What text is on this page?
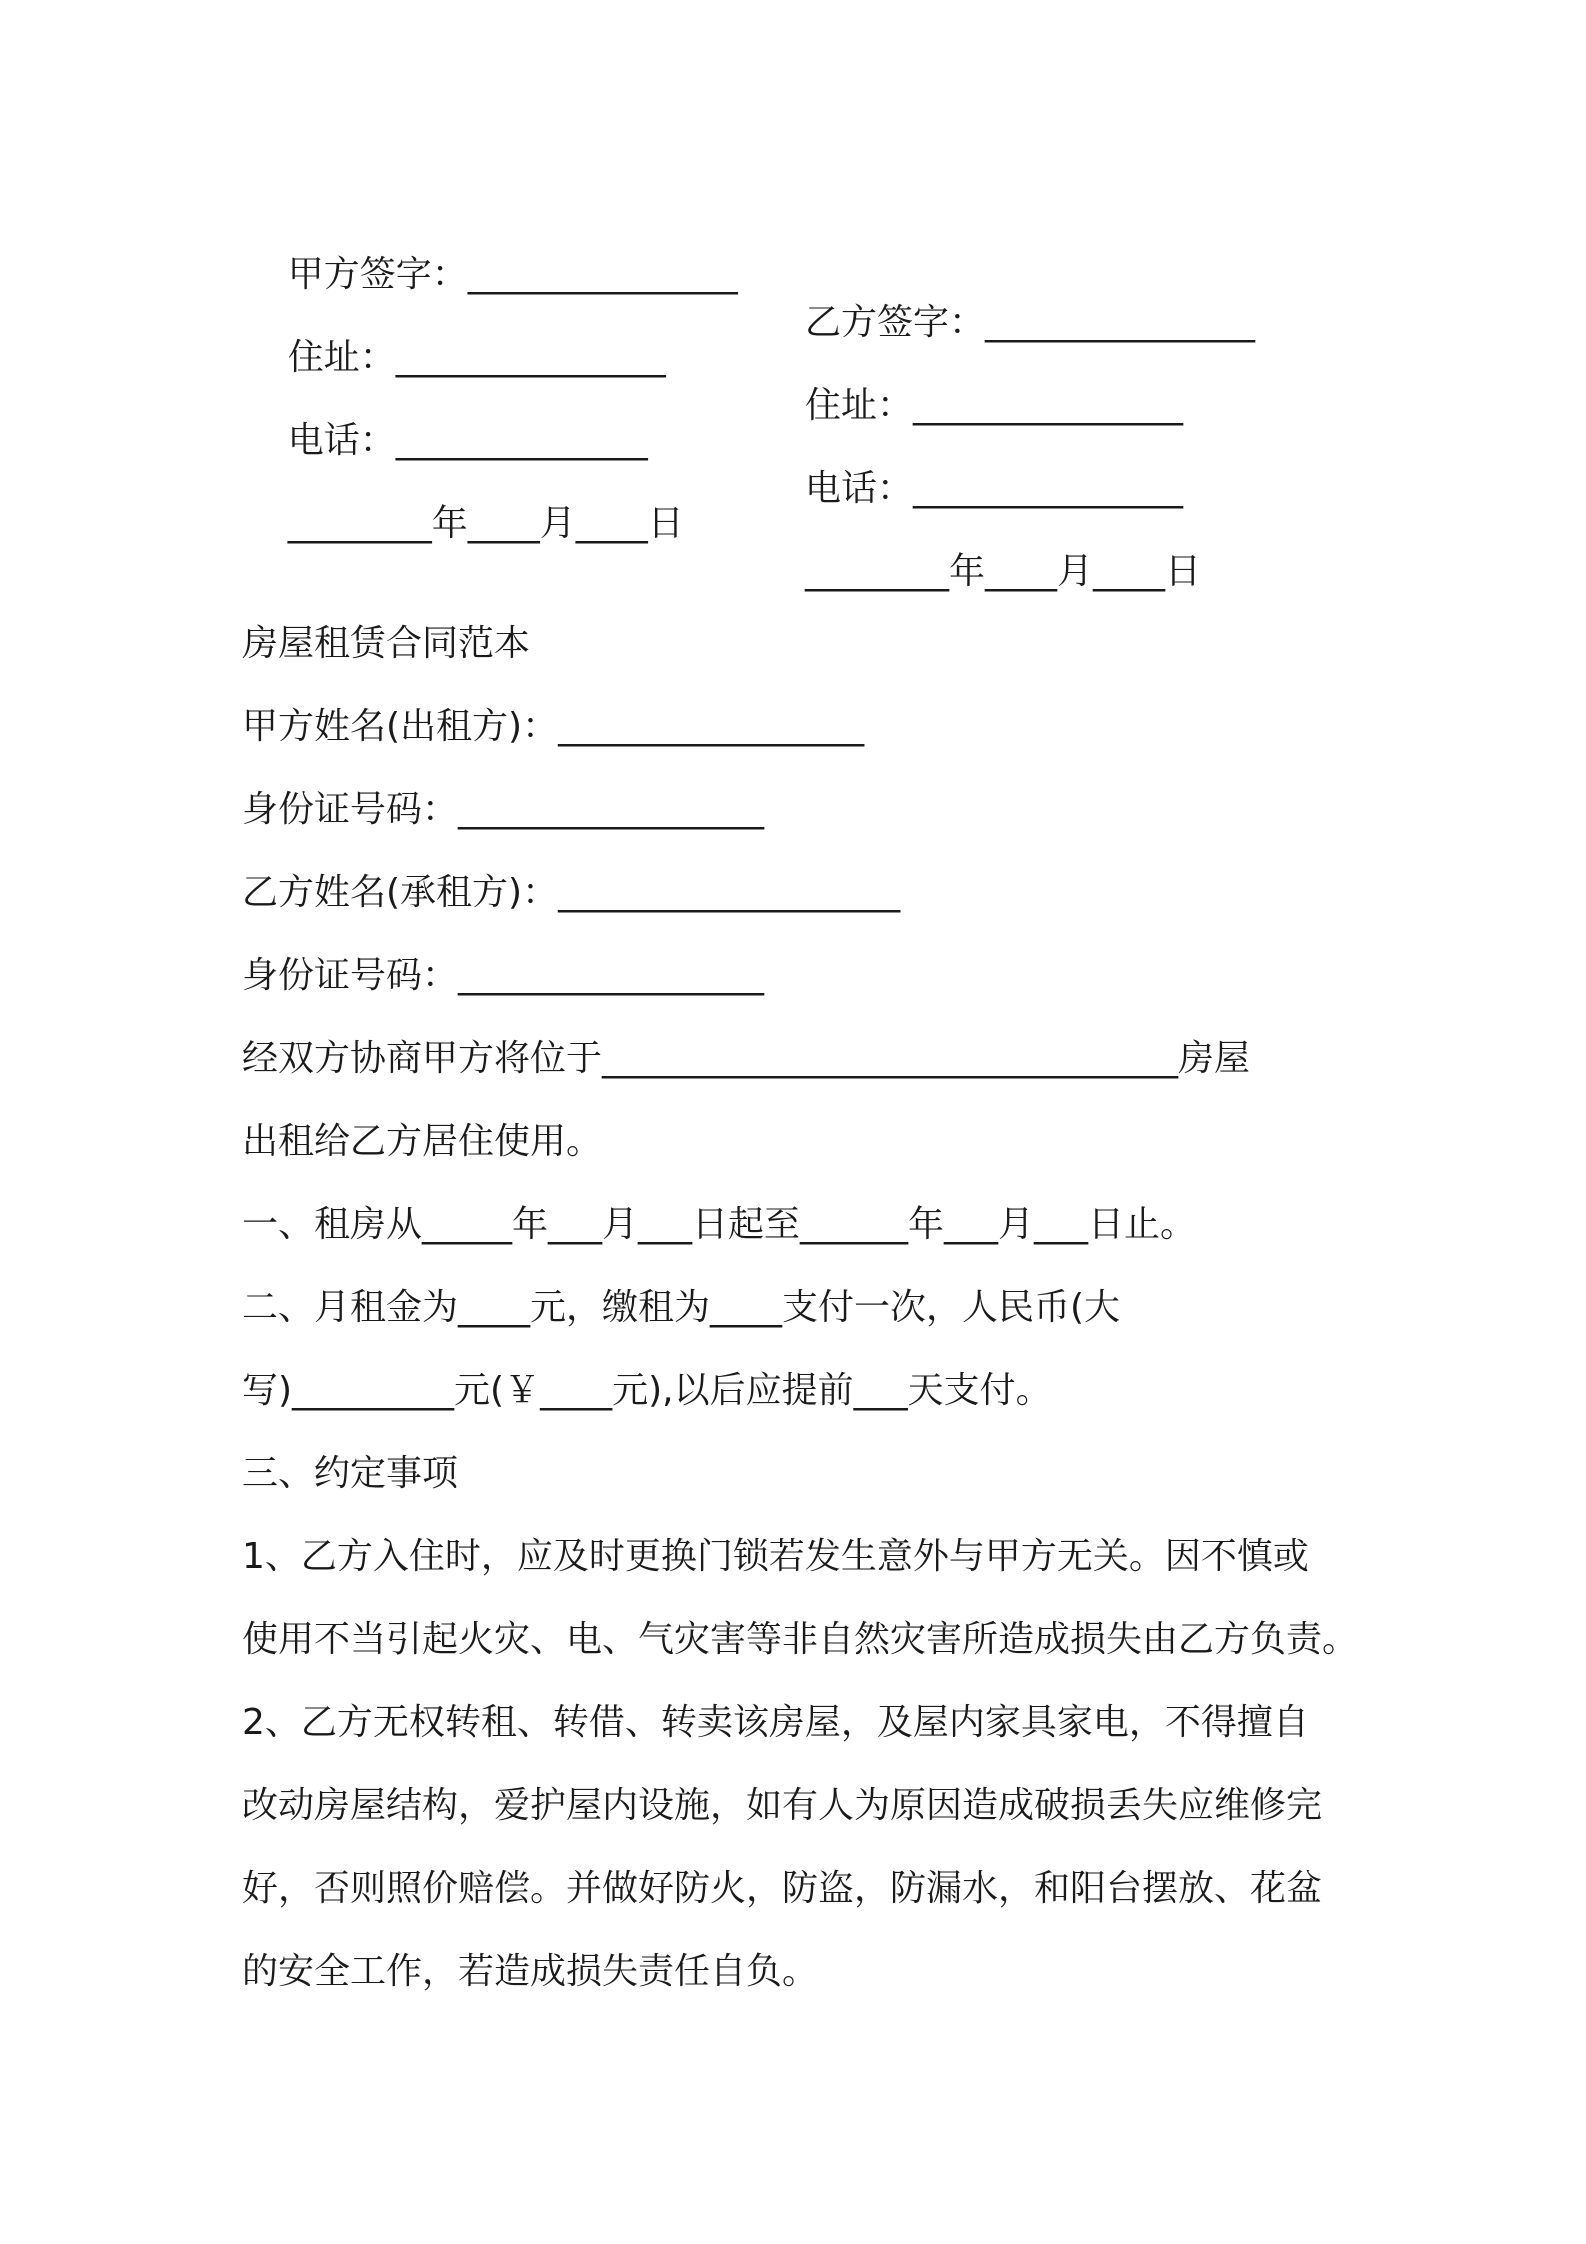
甲方签字：_______________

乙方签字：_______________

住址：_______________

住址：_______________

电话：______________

电话：_______________

________年____月____日

________年____月____日

房屋租赁合同范本
甲方姓名(出租方)：_________________
身份证号码：_________________
乙方姓名(承租方)：___________________
身份证号码：_________________
经双方协商甲方将位于________________________________房屋
出租给乙方居住使用。
一、租房从_____年___月___日起至______年___月___日止。
二、月租金为____元，缴租为____支付一次，人民币(大
写)_________元(￥____元),以后应提前___天支付。
三、约定事项
1、乙方入住时，应及时更换门锁若发生意外与甲方无关。因不慎或
使用不当引起火灾、电、气灾害等非自然灾害所造成损失由乙方负责。
2、乙方无权转租、转借、转卖该房屋，及屋内家具家电，不得擅自
改动房屋结构，爱护屋内设施，如有人为原因造成破损丢失应维修完
好，否则照价赔偿。并做好防火，防盗，防漏水，和阳台摆放、花盆
的安全工作，若造成损失责任自负。
